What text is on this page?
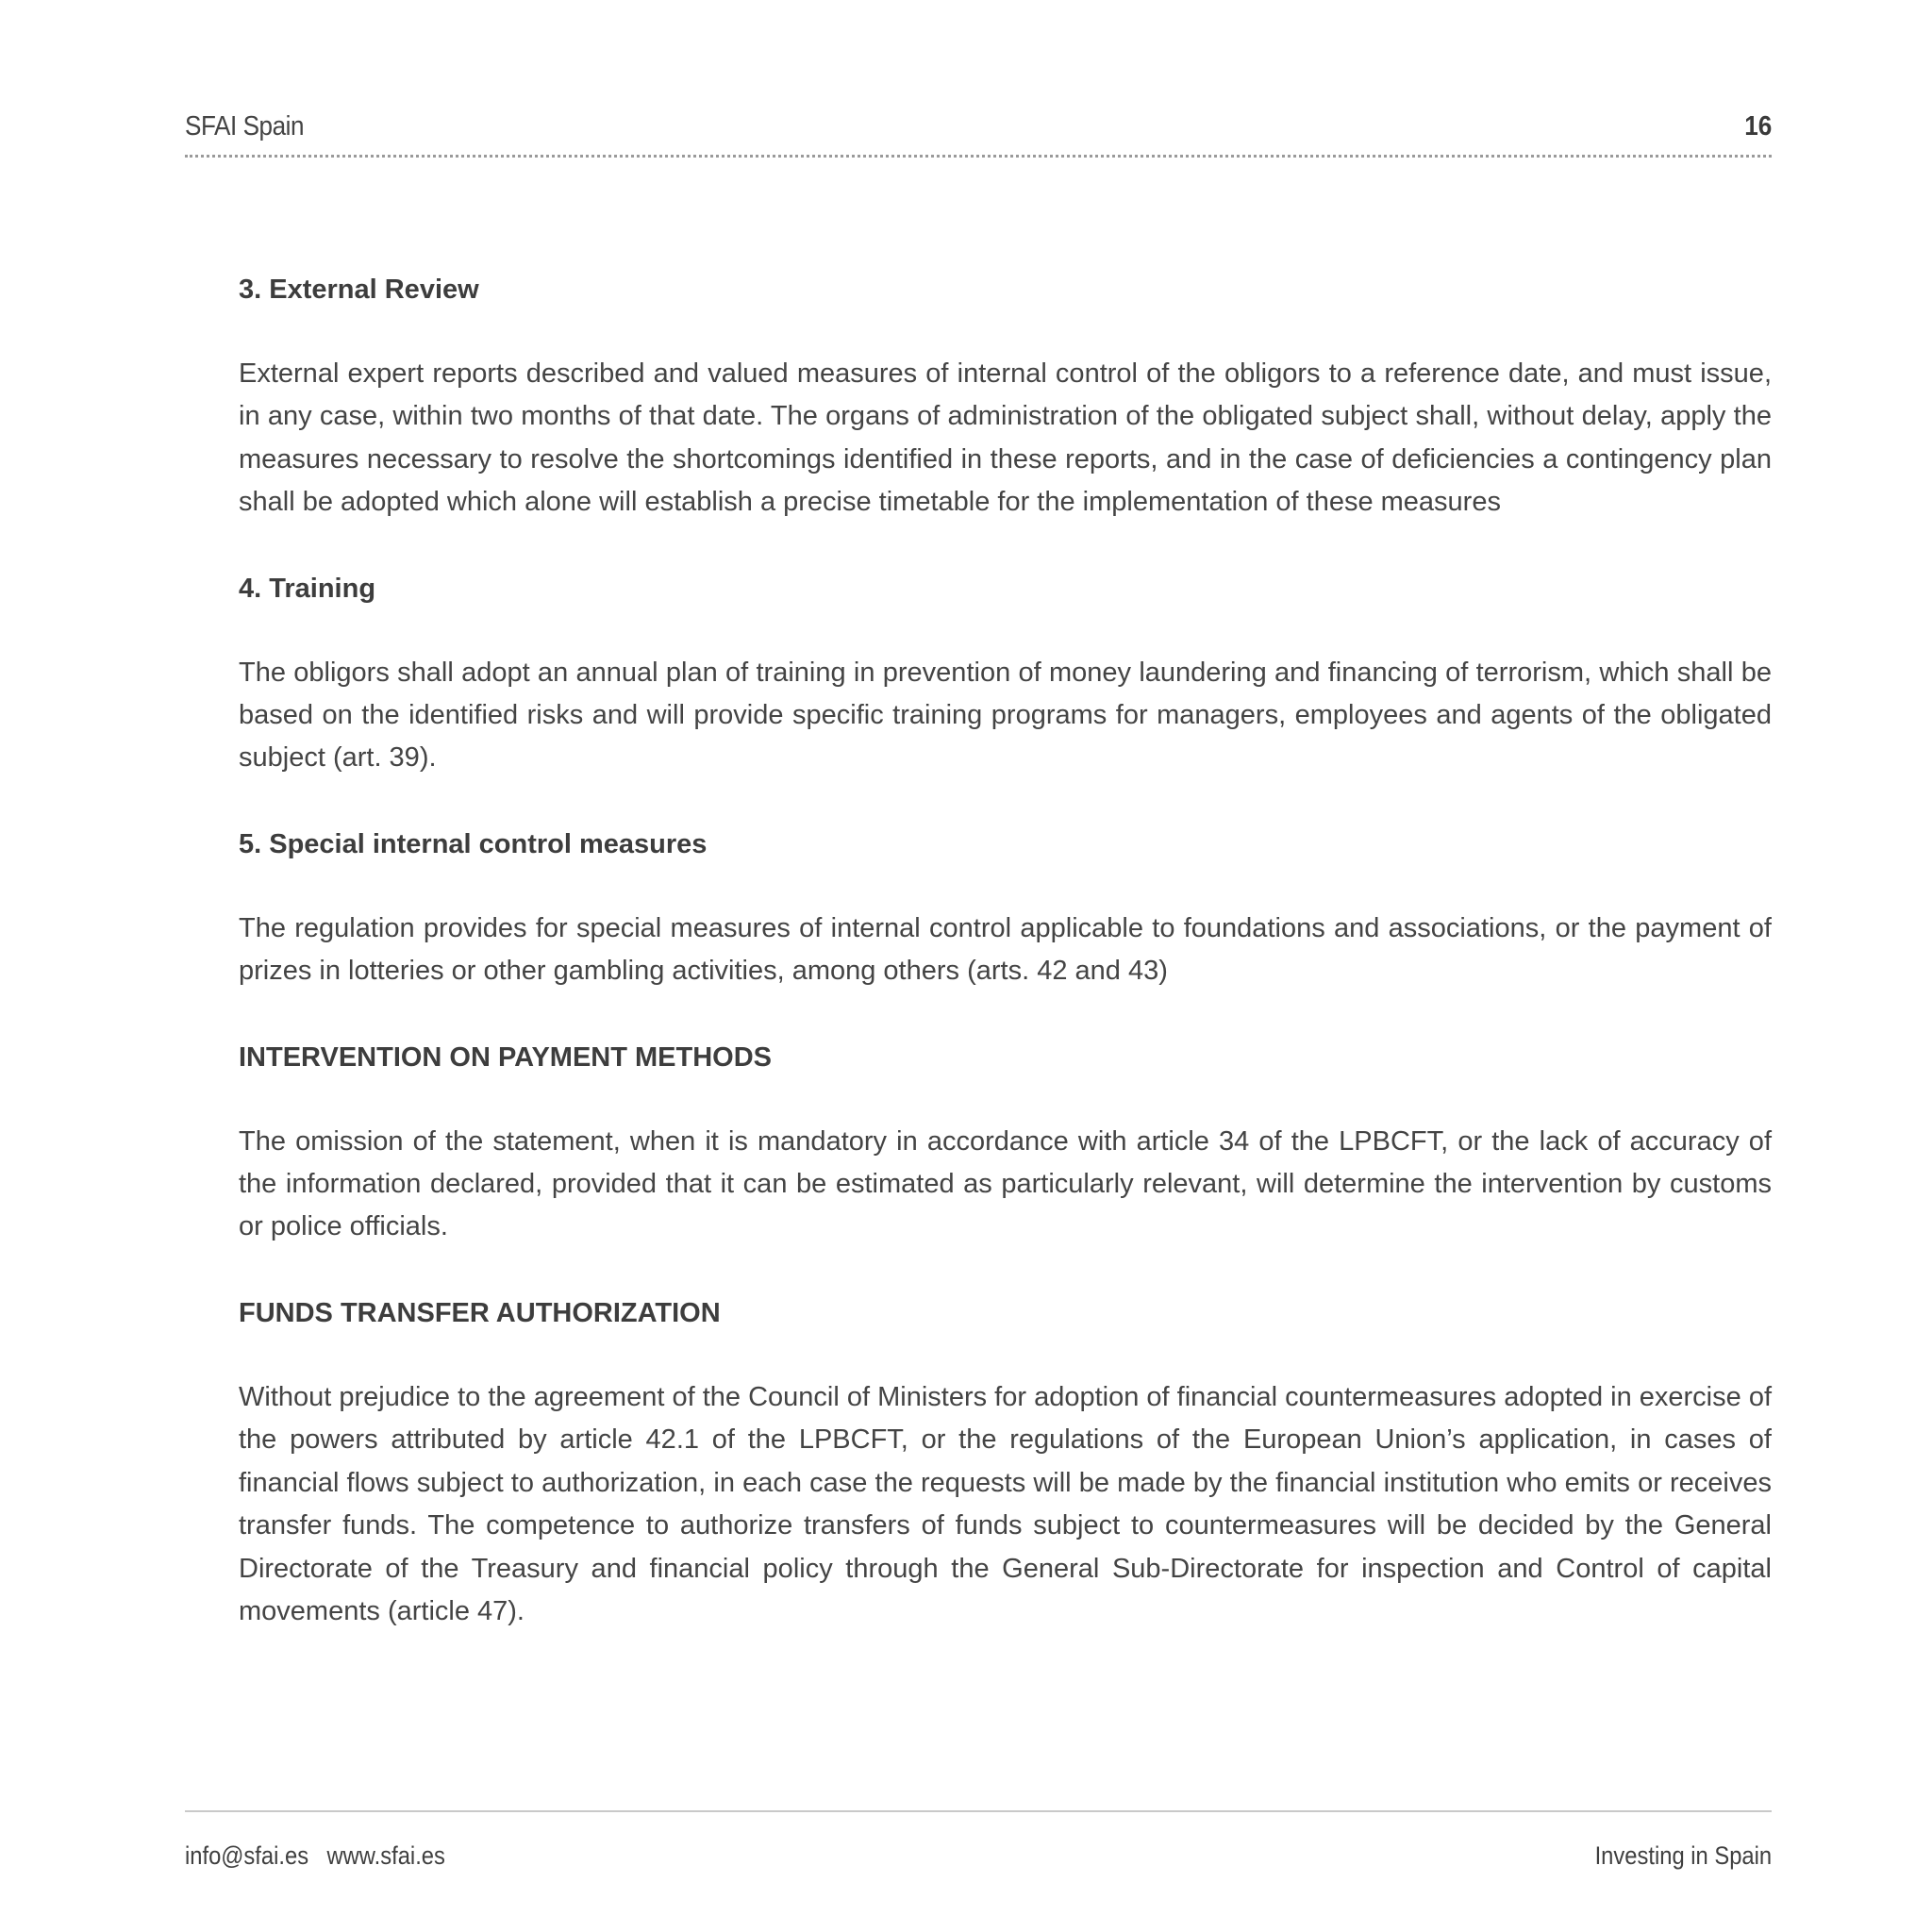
SFAI Spain	16
3. External Review

External expert reports described and valued measures of internal control of the obligors to a reference date, and must issue, in any case, within two months of that date. The organs of administration of the obligated subject shall, without delay, apply the measures necessary to resolve the shortcomings identified in these reports, and in the case of deficiencies a contingency plan shall be adopted which alone will establish a precise timetable for the implementation of these measures

4. Training

The obligors shall adopt an annual plan of training in prevention of money laundering and financing of terrorism, which shall be based on the identified risks and will provide specific training programs for managers, employees and agents of the obligated subject (art. 39).

5. Special internal control measures

The regulation provides for special measures of internal control applicable to foundations and associations, or the payment of prizes in lotteries or other gambling activities, among others (arts. 42 and 43)

INTERVENTION ON PAYMENT METHODS

The omission of the statement, when it is mandatory in accordance with article 34 of the LPBCFT, or the lack of accuracy of the information declared, provided that it can be estimated as particularly relevant, will determine the intervention by customs or police officials.

FUNDS TRANSFER AUTHORIZATION

Without prejudice to the agreement of the Council of Ministers for adoption of financial countermeasures adopted in exercise of the powers attributed by article 42.1 of the LPBCFT, or the regulations of the European Union’s application, in cases of financial flows subject to authorization, in each case the requests will be made by the financial institution who emits or receives transfer funds. The competence to authorize transfers of funds subject to countermeasures will be decided by the General Directorate of the Treasury and financial policy through the General Sub-Directorate for inspection and Control of capital movements (article 47).

info@sfai.es www.sfai.es	Investing in Spain
